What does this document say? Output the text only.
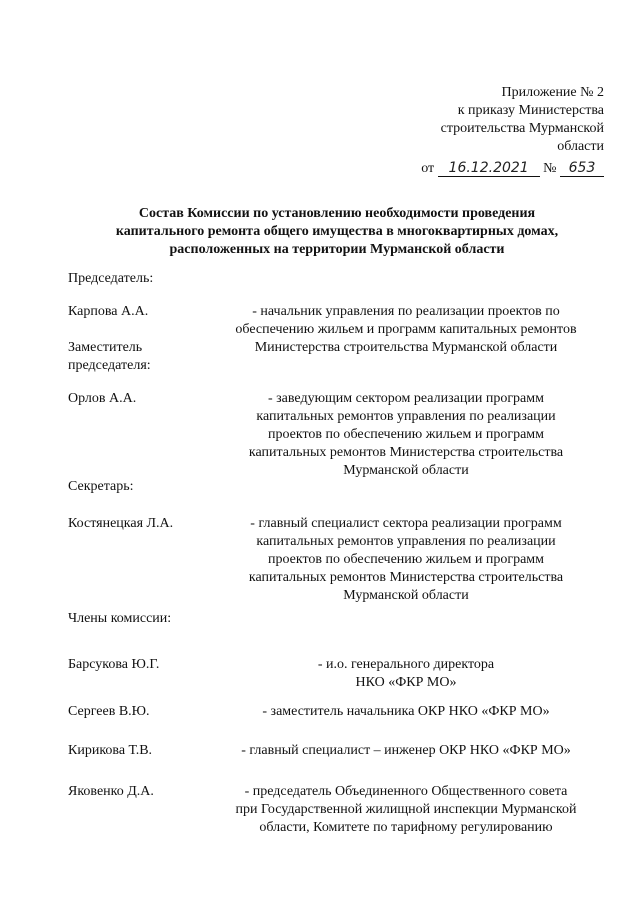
Приложение № 2
к приказу Министерства
строительства Мурманской
области
от 16.12.2021 № 653
Состав Комиссии по установлению необходимости проведения
капитального ремонта общего имущества в многоквартирных домах,
расположенных на территории Мурманской области
Председатель:
Карпова А.А.	- начальник управления по реализации проектов по
обеспечению жильем и программ капитальных ремонтов
Министерства строительства Мурманской области
Заместитель
председателя:
Орлов А.А.	- заведующим сектором реализации программ
капитальных ремонтов управления по реализации
проектов по обеспечению жильем и программ
капитальных ремонтов Министерства строительства
Мурманской области
Секретарь:
Костянецкая Л.А.	- главный специалист сектора реализации программ
капитальных ремонтов управления по реализации
проектов по обеспечению жильем и программ
капитальных ремонтов Министерства строительства
Мурманской области
Члены комиссии:
Барсукова Ю.Г.	- и.о. генерального директора
НКО «ФКР МО»
Сергеев В.Ю.	- заместитель начальника ОКР НКО «ФКР МО»
Кирикова Т.В.	- главный специалист – инженер ОКР НКО «ФКР МО»
Яковенко Д.А.	- председатель Объединенного Общественного совета
при Государственной жилищной инспекции Мурманской
области, Комитете по тарифному регулированию
